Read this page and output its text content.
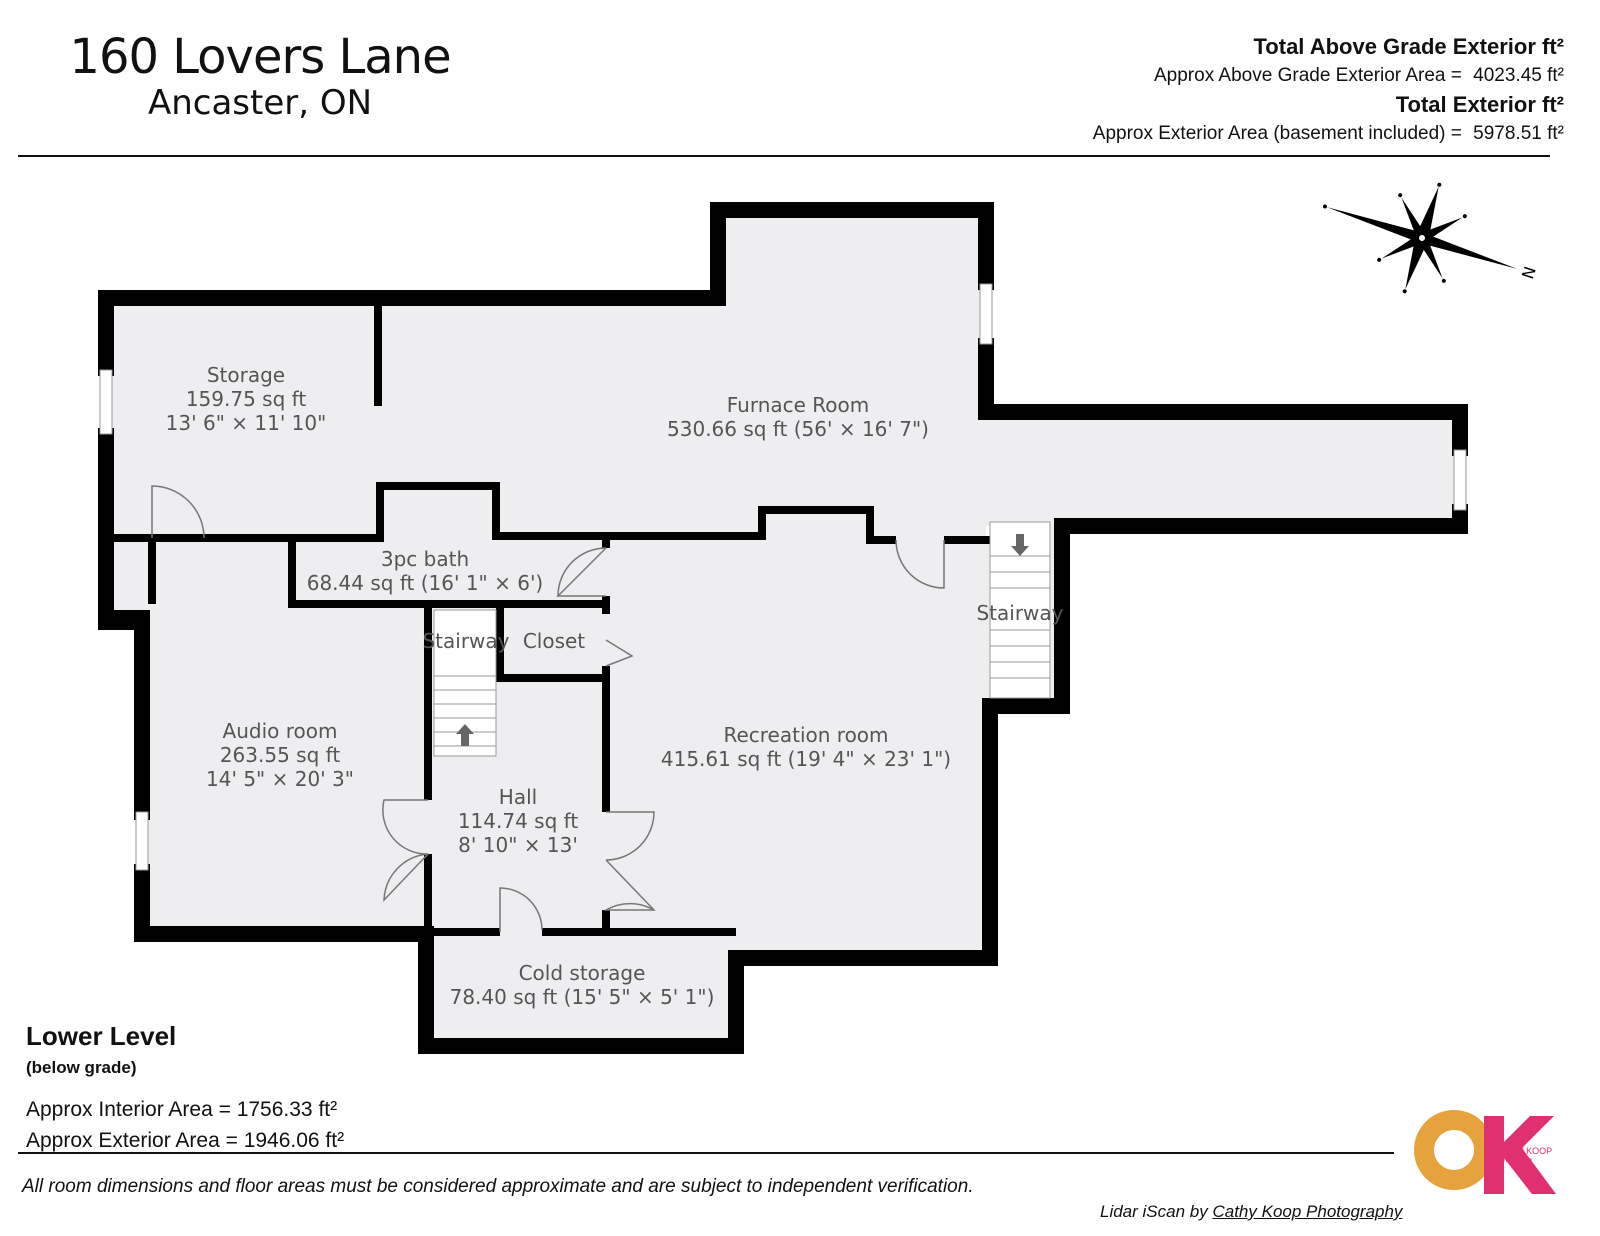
160 Lovers Lane
Ancaster, ON
Total Above Grade Exterior ft²
Approx Above Grade Exterior Area = 4023.45 ft²
Total Exterior ft²
Approx Exterior Area (basement included) = 5978.51 ft²
Storage
159.75 sq ft
13' 6" × 11' 10"
Furnace Room
530.66 sq ft (56' × 16' 7")
3pc bath
68.44 sq ft (16' 1" × 6')
Closet
Stairway
Stairway
Audio room
263.55 sq ft
14' 5" × 20' 3"
Hall
114.74 sq ft
8' 10" × 13'
Recreation room
415.61 sq ft (19' 4" × 23' 1")
Cold storage
78.40 sq ft (15' 5" × 5' 1")
N
Lower Level
(below grade)
Approx Interior Area = 1756.33 ft²
Approx Exterior Area = 1946.06 ft²
All room dimensions and floor areas must be considered approximate and are subject to independent verification.
Lidar iScan by Cathy Koop Photography
CATHY KOOP
PHOTOGRAPHY
